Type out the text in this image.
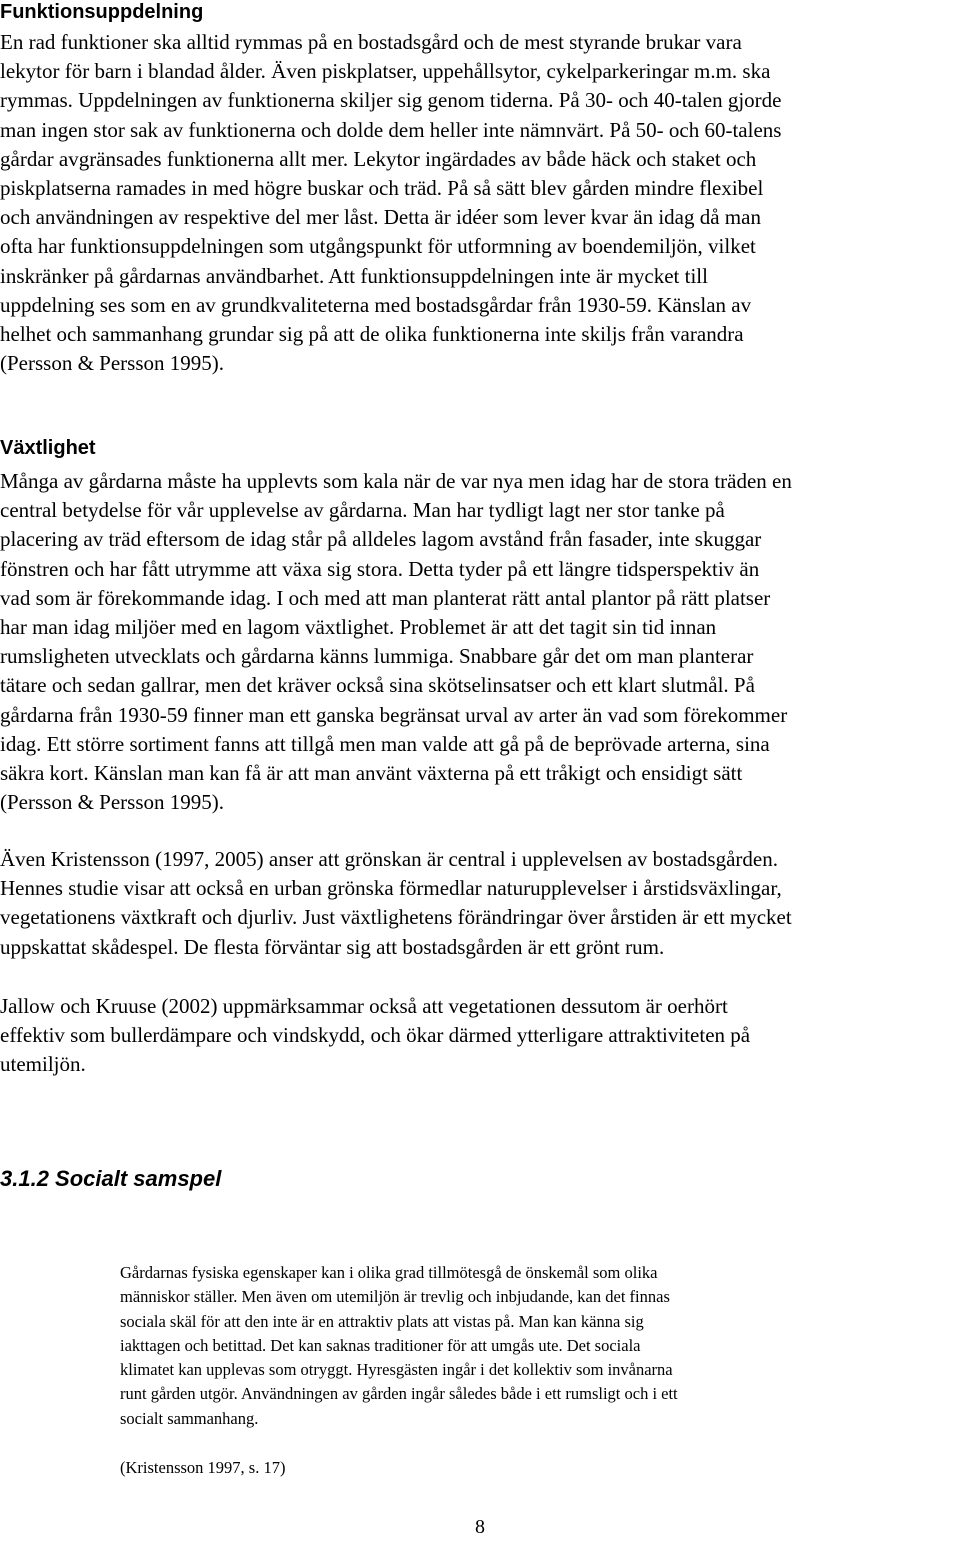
Funktionsuppdelning

En rad funktioner ska alltid rymmas på en bostadsgård och de mest styrande brukar vara
lekytor för barn i blandad ålder. Även piskplatser, uppehållsytor, cykelparkeringar m.m. ska
rymmas. Uppdelningen av funktionerna skiljer sig genom tiderna. På 30- och 40-talen gjorde
man ingen stor sak av funktionerna och dolde dem heller inte nämnvärt. På 50- och 60-talens
gårdar avgränsades funktionerna allt mer. Lekytor ingärdades av både häck och staket och
piskplatserna ramades in med högre buskar och träd. På så sätt blev gården mindre flexibel
och användningen av respektive del mer låst. Detta är idéer som lever kvar än idag då man
ofta har funktionsuppdelningen som utgångspunkt för utformning av boendemiljön, vilket
inskränker på gårdarnas användbarhet. Att funktionsuppdelningen inte är mycket till
uppdelning ses som en av grundkvaliteterna med bostadsgårdar från 1930-59. Känslan av
helhet och sammanhang grundar sig på att de olika funktionerna inte skiljs från varandra
(Persson & Persson 1995).

Växtlighet

Många av gårdarna måste ha upplevts som kala när de var nya men idag har de stora träden en
central betydelse för vår upplevelse av gårdarna. Man har tydligt lagt ner stor tanke på
placering av träd eftersom de idag står på alldeles lagom avstånd från fasader, inte skuggar
fönstren och har fått utrymme att växa sig stora. Detta tyder på ett längre tidsperspektiv än
vad som är förekommande idag. I och med att man planterat rätt antal plantor på rätt platser
har man idag miljöer med en lagom växtlighet. Problemet är att det tagit sin tid innan
rumsligheten utvecklats och gårdarna känns lummiga. Snabbare går det om man planterar
tätare och sedan gallrar, men det kräver också sina skötselinsatser och ett klart slutmål. På
gårdarna från 1930-59 finner man ett ganska begränsat urval av arter än vad som förekommer
idag. Ett större sortiment fanns att tillgå men man valde att gå på de beprövade arterna, sina
säkra kort. Känslan man kan få är att man använt växterna på ett tråkigt och ensidigt sätt
(Persson & Persson 1995).

Även Kristensson (1997, 2005) anser att grönskan är central i upplevelsen av bostadsgården.
Hennes studie visar att också en urban grönska förmedlar naturupplevelser i årstidsväxlingar,
vegetationens växtkraft och djurliv. Just växtlighetens förändringar över årstiden är ett mycket
uppskattat skådespel. De flesta förväntar sig att bostadsgården är ett grönt rum.

Jallow och Kruuse (2002) uppmärksammar också att vegetationen dessutom är oerhört
effektiv som bullerdämpare och vindskydd, och ökar därmed ytterligare attraktiviteten på
utemiljön.

3.1.2 Socialt samspel
Gårdarnas fysiska egenskaper kan i olika grad tillmötesgå de önskemål som olika
människor ställer. Men även om utemiljön är trevlig och inbjudande, kan det finnas
sociala skäl för att den inte är en attraktiv plats att vistas på. Man kan känna sig
iakttagen och betittad. Det kan saknas traditioner för att umgås ute. Det sociala
klimatet kan upplevas som otryggt. Hyresgästen ingår i det kollektiv som invånarna
runt gården utgör. Användningen av gården ingår således både i ett rumsligt och i ett
socialt sammanhang.

(Kristensson 1997, s. 17)

8
